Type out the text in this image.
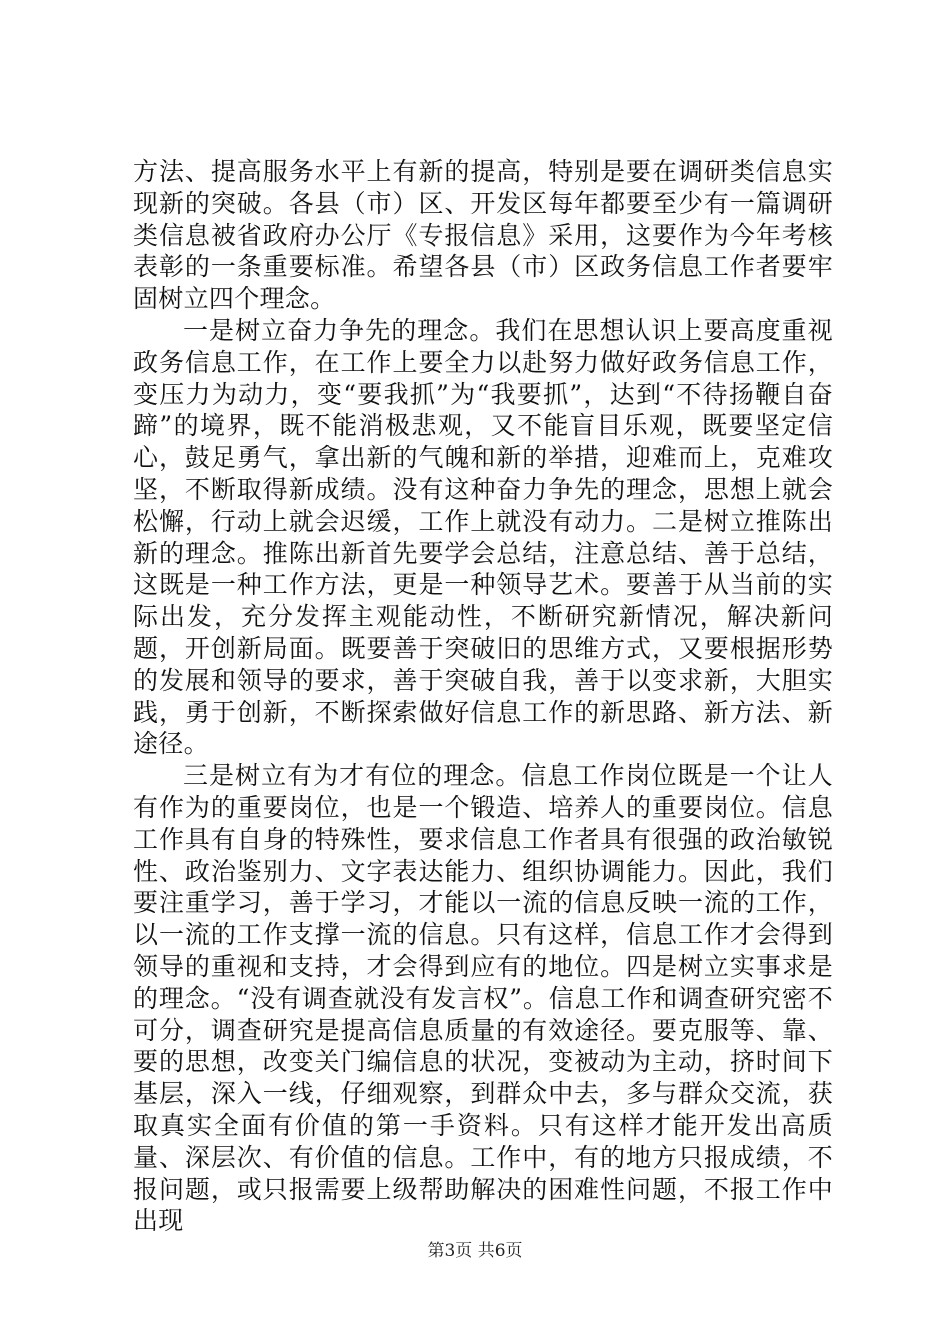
方法、提高服务水平上有新的提高，特别是要在调研类信息实现新的突破。各县（市）区、开发区每年都要至少有一篇调研类信息被省政府办公厅《专报信息》采用，这要作为今年考核表彰的一条重要标准。希望各县（市）区政务信息工作者要牢固树立四个理念。

一是树立奋力争先的理念。我们在思想认识上要高度重视政务信息工作，在工作上要全力以赴努力做好政务信息工作，变压力为动力，变“要我抓”为“我要抓”，达到“不待扬鞭自奋蹄”的境界，既不能消极悲观，又不能盲目乐观，既要坚定信心，鼓足勇气，拿出新的气魄和新的举措，迎难而上，克难攻坚，不断取得新成绩。没有这种奋力争先的理念，思想上就会松懈，行动上就会迟缓，工作上就没有动力。二是树立推陈出新的理念。推陈出新首先要学会总结，注意总结、善于总结，这既是一种工作方法，更是一种领导艺术。要善于从当前的实际出发，充分发挥主观能动性，不断研究新情况，解决新问题，开创新局面。既要善于突破旧的思维方式，又要根据形势的发展和领导的要求，善于突破自我，善于以变求新，大胆实践，勇于创新，不断探索做好信息工作的新思路、新方法、新途径。

三是树立有为才有位的理念。信息工作岗位既是一个让人有作为的重要岗位，也是一个锻造、培养人的重要岗位。信息工作具有自身的特殊性，要求信息工作者具有很强的政治敏锐性、政治鉴别力、文字表达能力、组织协调能力。因此，我们要注重学习，善于学习，才能以一流的信息反映一流的工作，以一流的工作支撑一流的信息。只有这样，信息工作才会得到领导的重视和支持，才会得到应有的地位。四是树立实事求是的理念。“没有调查就没有发言权”。信息工作和调查研究密不可分，调查研究是提高信息质量的有效途径。要克服等、靠、要的思想，改变关门编信息的状况，变被动为主动，挤时间下基层，深入一线，仔细观察，到群众中去，多与群众交流，获取真实全面有价值的第一手资料。只有这样才能开发出高质量、深层次、有价值的信息。工作中，有的地方只报成绩，不报问题，或只报需要上级帮助解决的困难性问题，不报工作中出现

第3页 共6页
